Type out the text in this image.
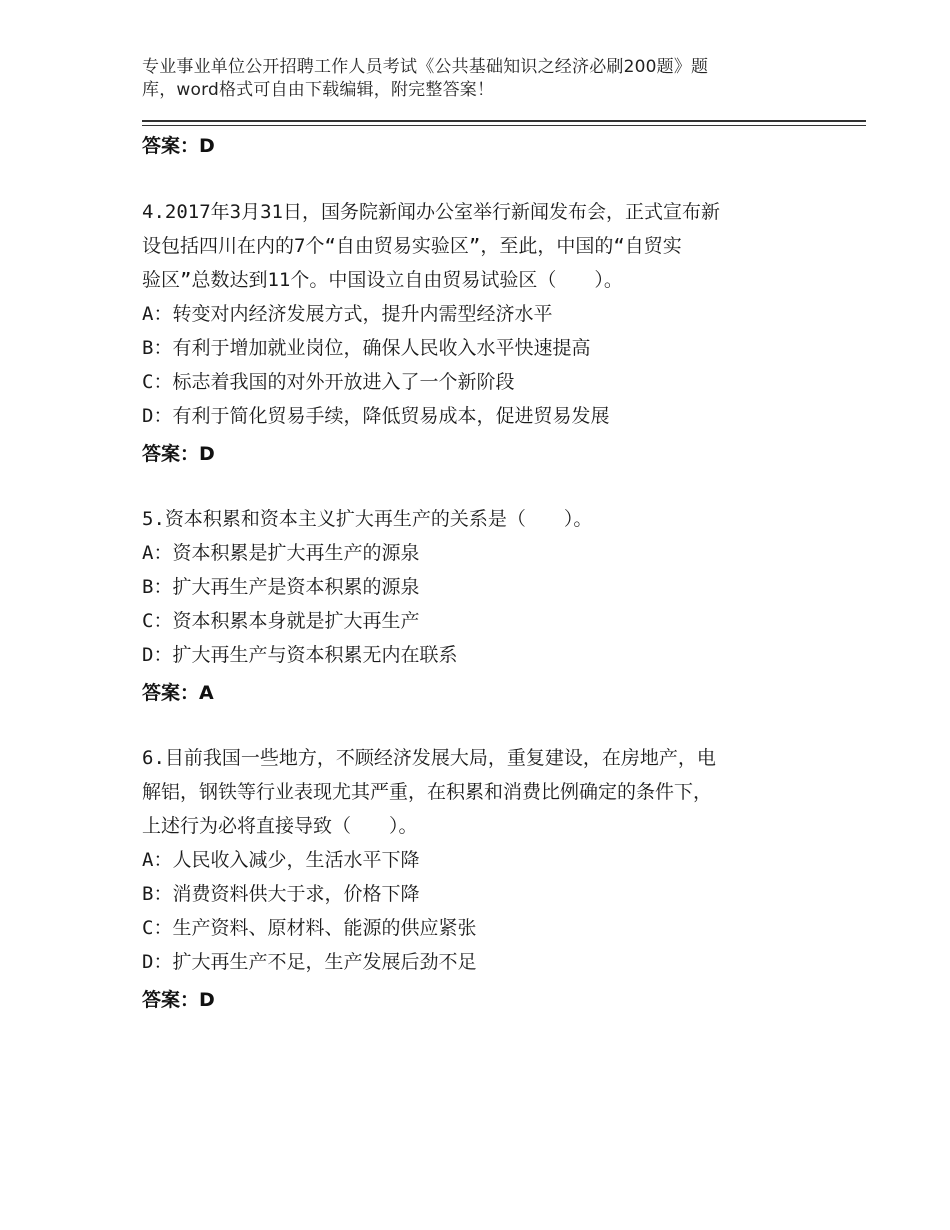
专业事业单位公开招聘工作人员考试《公共基础知识之经济必刷200题》题
库，word格式可自由下载编辑，附完整答案！
答案：D
4.2017年3月31日，国务院新闻办公室举行新闻发布会，正式宣布新
设包括四川在内的7个“自由贸易实验区”，至此，中国的“自贸实
验区”总数达到11个。中国设立自由贸易试验区（　　）。
A：转变对内经济发展方式，提升内需型经济水平
B：有利于增加就业岗位，确保人民收入水平快速提高
C：标志着我国的对外开放进入了一个新阶段
D：有利于简化贸易手续，降低贸易成本，促进贸易发展
答案：D
5.资本积累和资本主义扩大再生产的关系是（　　）。
A：资本积累是扩大再生产的源泉
B：扩大再生产是资本积累的源泉
C：资本积累本身就是扩大再生产
D：扩大再生产与资本积累无内在联系
答案：A
6.目前我国一些地方，不顾经济发展大局，重复建设，在房地产，电
解铝，钢铁等行业表现尤其严重，在积累和消费比例确定的条件下，
上述行为必将直接导致（　　）。
A：人民收入减少，生活水平下降
B：消费资料供大于求，价格下降
C：生产资料、原材料、能源的供应紧张
D：扩大再生产不足，生产发展后劲不足
答案：D
